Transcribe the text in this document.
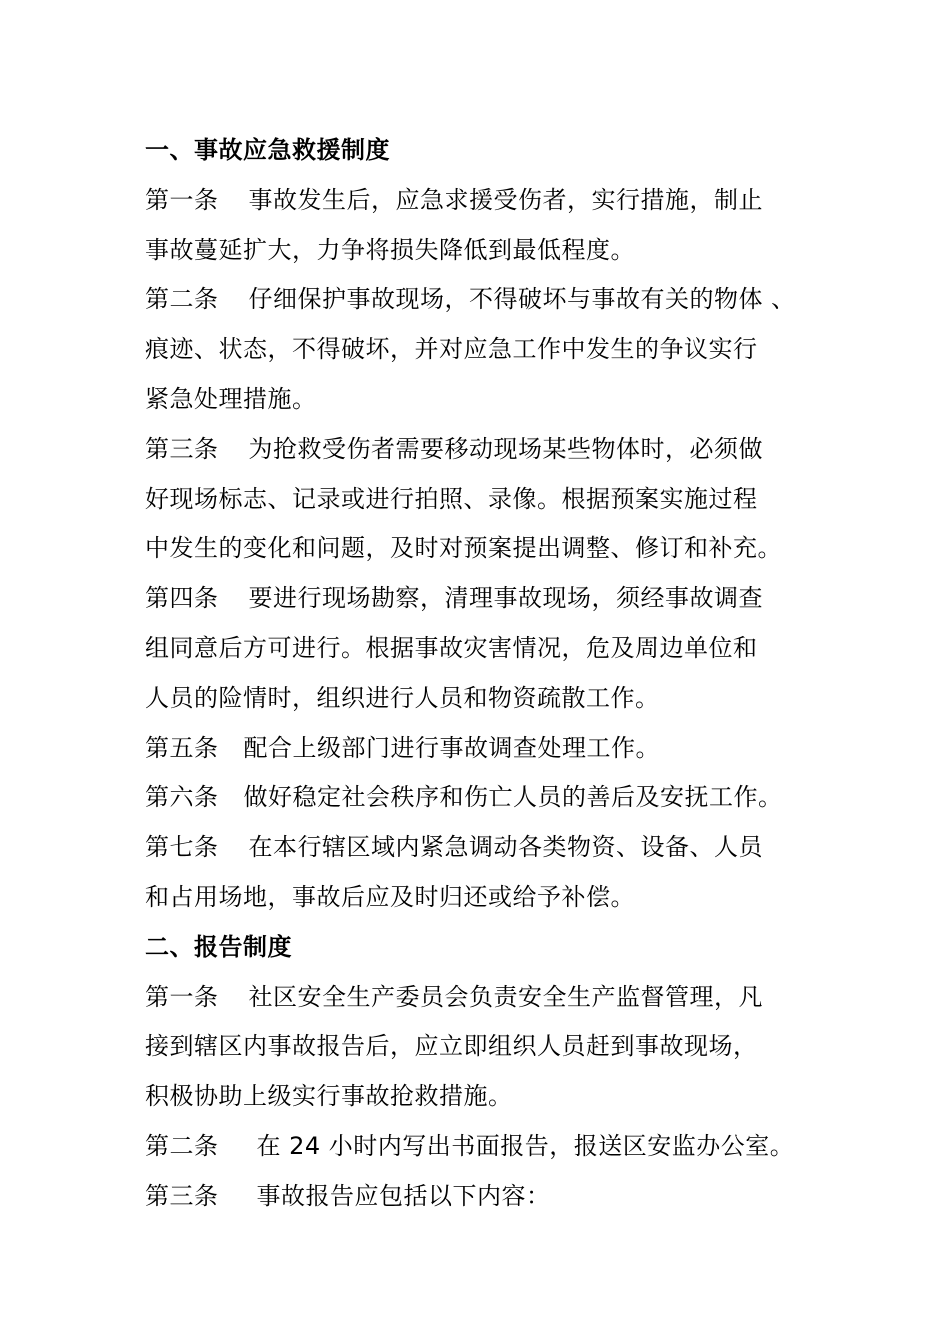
一、事故应急救援制度
第一条 事故发生后，应急求援受伤者，实行措施，制止
事故蔓延扩大，力争将损失降低到最低程度。
第二条 仔细保护事故现场，不得破坏与事故有关的物体 、
痕迹、状态，不得破坏，并对应急工作中发生的争议实行
紧急处理措施。
第三条 为抢救受伤者需要移动现场某些物体时，必须做
好现场标志、记录或进行拍照、录像。根据预案实施过程
中发生的变化和问题，及时对预案提出调整、修订和补充。
第四条 要进行现场勘察，清理事故现场，须经事故调查
组同意后方可进行。根据事故灾害情况，危及周边单位和
人员的险情时，组织进行人员和物资疏散工作。
第五条 配合上级部门进行事故调查处理工作。
第六条 做好稳定社会秩序和伤亡人员的善后及安抚工作。
第七条 在本行辖区域内紧急调动各类物资、设备、人员
和占用场地，事故后应及时归还或给予补偿。
二、报告制度
第一条 社区安全生产委员会负责安全生产监督管理，凡
接到辖区内事故报告后，应立即组织人员赶到事故现场，
积极协助上级实行事故抢救措施。
第二条 在 24 小时内写出书面报告，报送区安监办公室。
第三条 事故报告应包括以下内容：
